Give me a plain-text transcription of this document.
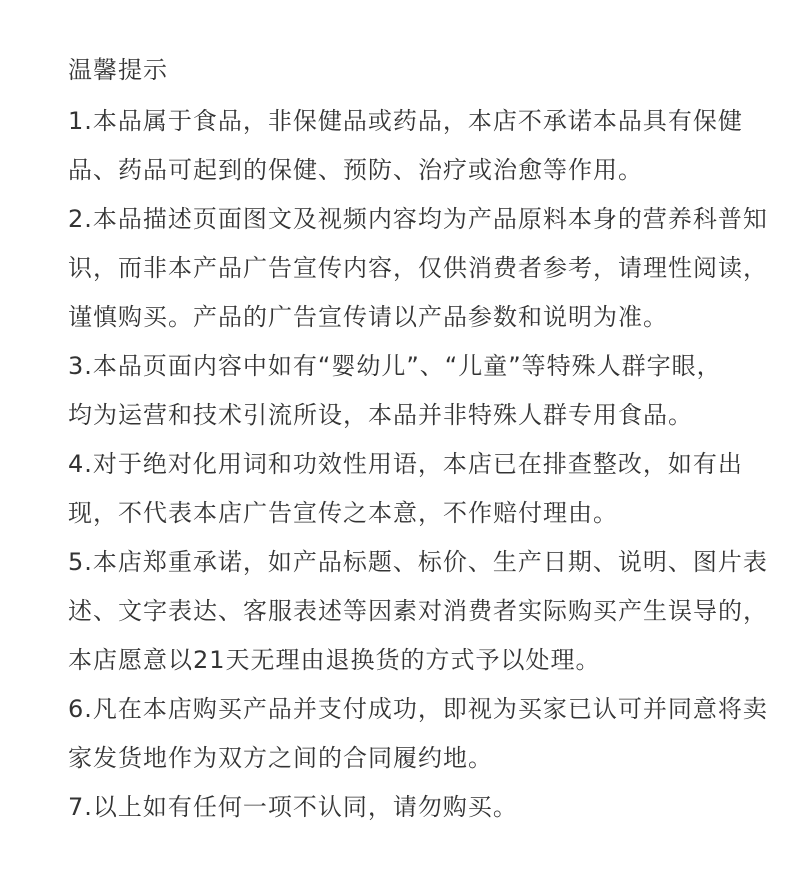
温馨提示
1.本品属于食品，非保健品或药品，本店不承诺本品具有保健
品、药品可起到的保健、预防、治疗或治愈等作用。
2.本品描述页面图文及视频内容均为产品原料本身的营养科普知
识，而非本产品广告宣传内容，仅供消费者参考，请理性阅读，
谨慎购买。产品的广告宣传请以产品参数和说明为准。
3.本品页面内容中如有“婴幼儿”、“儿童”等特殊人群字眼，
均为运营和技术引流所设，本品并非特殊人群专用食品。
4.对于绝对化用词和功效性用语，本店已在排查整改，如有出
现，不代表本店广告宣传之本意，不作赔付理由。
5.本店郑重承诺，如产品标题、标价、生产日期、说明、图片表
述、文字表达、客服表述等因素对消费者实际购买产生误导的，
本店愿意以21天无理由退换货的方式予以处理。
6.凡在本店购买产品并支付成功，即视为买家已认可并同意将卖
家发货地作为双方之间的合同履约地。
7.以上如有任何一项不认同，请勿购买。
